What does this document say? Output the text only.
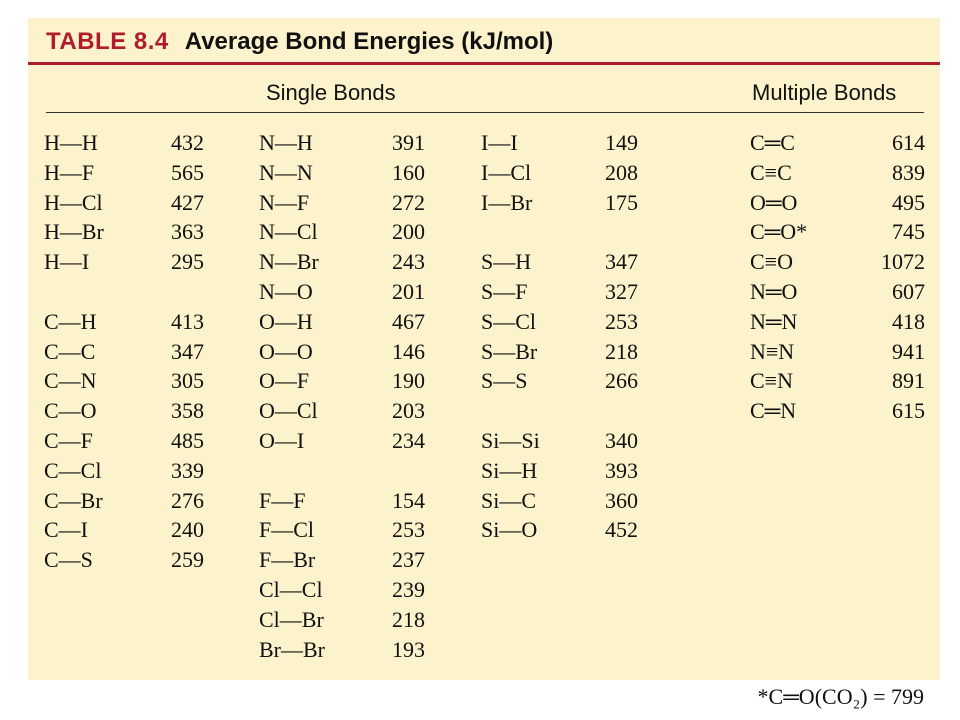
TABLE 8.4 Average Bond Energies (kJ/mol)
Single Bonds	Multiple Bonds
H—H	432
H—F	565
H—Cl	427
H—Br	363
H—I	295
C—H	413
C—C	347
C—N	305
C—O	358
C—F	485
C—Cl	339
C—Br	276
C—I	240
C—S	259
N—H	391
N—N	160
N—F	272
N—Cl	200
N—Br	243
N—O	201
O—H	467
O—O	146
O—F	190
O—Cl	203
O—I	234
F—F	154
F—Cl	253
F—Br	237
Cl—Cl	239
Cl—Br	218
Br—Br	193
I—I	149
I—Cl	208
I—Br	175
S—H	347
S—F	327
S—Cl	253
S—Br	218
S—S	266
Si—Si	340
Si—H	393
Si—C	360
Si—O	452
C═C	614
C≡C	839
O═O	495
C═O*	745
C≡O	1072
N═O	607
N═N	418
N≡N	941
C≡N	891
C═N	615
*C═O(CO₂) = 799
